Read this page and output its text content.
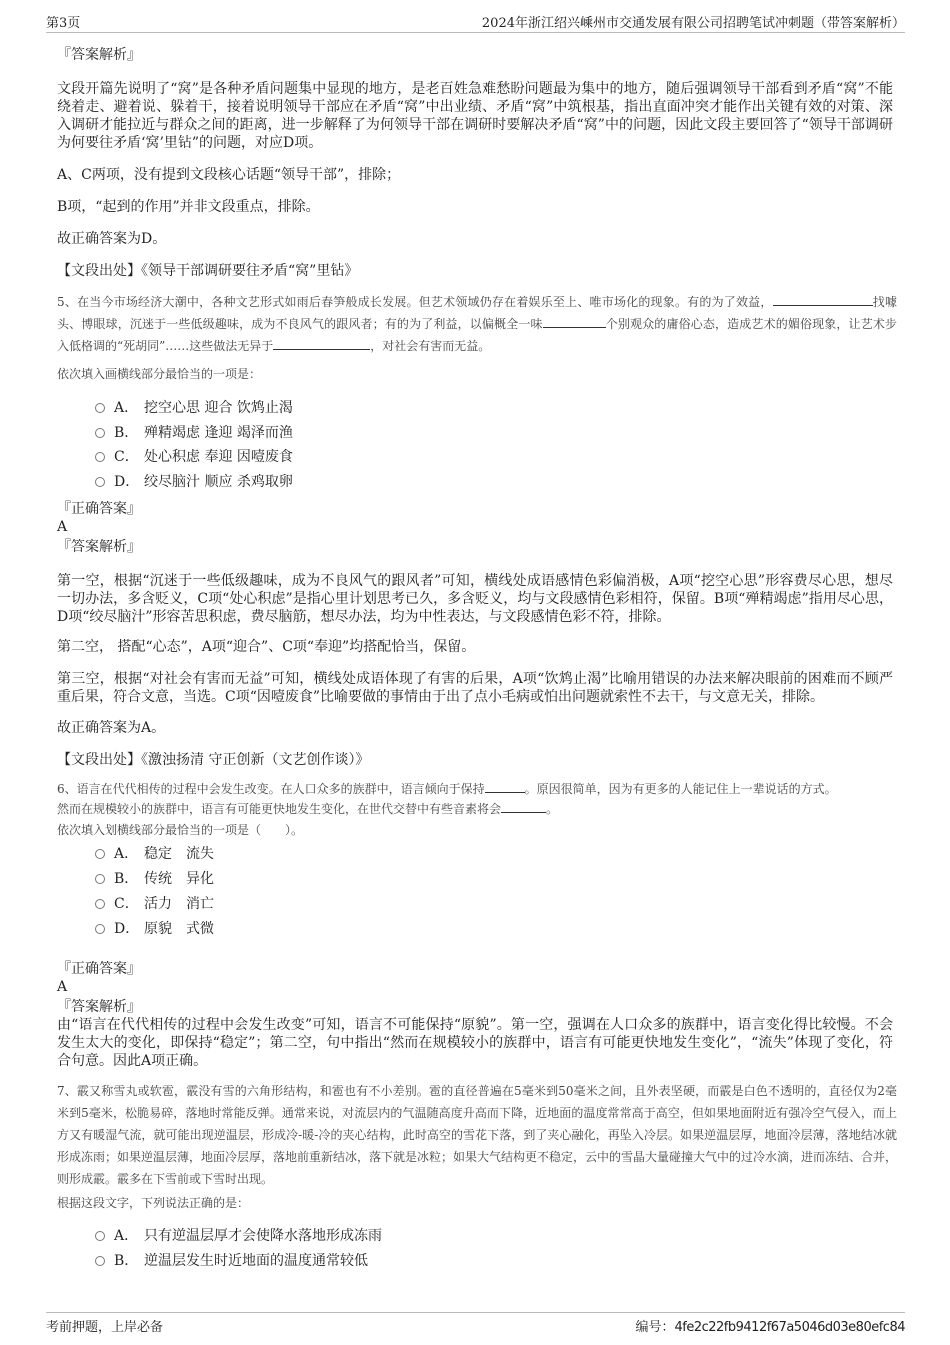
第3页	2024年浙江绍兴嵊州市交通发展有限公司招聘笔试冲刺题（带答案解析）
『答案解析』
文段开篇先说明了“窝”是各种矛盾问题集中显现的地方，是老百姓急难愁盼问题最为集中的地方，随后强调领导干部看到矛盾“窝”不能绕着走、避着说、躲着干，接着说明领导干部应在矛盾“窝”中出业绩、矛盾“窝”中筑根基，指出直面冲突才能作出关键有效的对策、深入调研才能拉近与群众之间的距离，进一步解释了为何领导干部在调研时要解决矛盾“窝”中的问题，因此文段主要回答了“领导干部调研为何要往矛盾‘窝’里钻”的问题，对应D项。
A、C两项，没有提到文段核心话题“领导干部”，排除；
B项，“起到的作用”并非文段重点，排除。
故正确答案为D。
【文段出处】《领导干部调研要往矛盾“窝”里钻》
5、在当今市场经济大潮中，各种文艺形式如雨后春笋般成长发展。但艺术领域仍存在着娱乐至上、唯市场化的现象。有的为了效益，	找噱头、博眼球，沉迷于一些低级趣味，成为不良风气的跟风者；有的为了利益，以偏概全一味	个别观众的庸俗心态，造成艺术的媚俗现象，让艺术步入低格调的“死胡同”……这些做法无异于	，对社会有害而无益。
依次填入画横线部分最恰当的一项是：
A． 挖空心思 迎合 饮鸩止渴
B． 殚精竭虑 逢迎 竭泽而渔
C． 处心积虑 奉迎 因噎废食
D． 绞尽脑汁 顺应 杀鸡取卵
『正确答案』
A
『答案解析』
第一空，根据“沉迷于一些低级趣味，成为不良风气的跟风者”可知，横线处成语感情色彩偏消极，A项“挖空心思”形容费尽心思，想尽一切办法，多含贬义，C项“处心积虑”是指心里计划思考已久，多含贬义，均与文段感情色彩相符，保留。B项“殚精竭虑”指用尽心思，D项“绞尽脑汁”形容苦思积虑，费尽脑筋，想尽办法，均为中性表达，与文段感情色彩不符，排除。
第二空， 搭配“心态”，A项“迎合”、C项“奉迎”均搭配恰当，保留。
第三空，根据“对社会有害而无益”可知，横线处成语体现了有害的后果，A项“饮鸩止渴”比喻用错误的办法来解决眼前的困难而不顾严重后果，符合文意，当选。C项“因噎废食”比喻要做的事情由于出了点小毛病或怕出问题就索性不去干，与文意无关，排除。
故正确答案为A。
【文段出处】《激浊扬清 守正创新（文艺创作谈）》
6、语言在代代相传的过程中会发生改变。在人口众多的族群中，语言倾向于保持	。原因很简单，因为有更多的人能记住上一辈说话的方式。
然而在规模较小的族群中，语言有可能更快地发生变化，在世代交替中有些音素将会	。
依次填入划横线部分最恰当的一项是（　　）。
A． 稳定　流失
B． 传统　异化
C． 活力　消亡
D． 原貌　式微
『正确答案』
A
『答案解析』
由“语言在代代相传的过程中会发生改变”可知，语言不可能保持“原貌”。第一空，强调在人口众多的族群中，语言变化得比较慢。不会发生太大的变化，即保持“稳定”；第二空，句中指出“然而在规模较小的族群中，语言有可能更快地发生变化”，“流失”体现了变化，符合句意。因此A项正确。
7、霰又称雪丸或软雹，霰没有雪的六角形结构，和雹也有不小差别。雹的直径普遍在5毫米到50毫米之间，且外表坚硬，而霰是白色不透明的，直径仅为2毫米到5毫米，松脆易碎，落地时常能反弹。通常来说，对流层内的气温随高度升高而下降，近地面的温度常常高于高空，但如果地面附近有强冷空气侵入，而上方又有暖湿气流，就可能出现逆温层，形成冷-暖-冷的夹心结构，此时高空的雪花下落，到了夹心融化，再坠入冷层。如果逆温层厚，地面冷层薄，落地结冰就形成冻雨；如果逆温层薄，地面冷层厚，落地前重新结冰，落下就是冰粒；如果大气结构更不稳定，云中的雪晶大量碰撞大气中的过冷水滴，进而冻结、合并，则形成霰。霰多在下雪前或下雪时出现。
根据这段文字，下列说法正确的是：
A． 只有逆温层厚才会使降水落地形成冻雨
B． 逆温层发生时近地面的温度通常较低
考前押题，上岸必备	编号：4fe2c22fb9412f67a5046d03e80efc84
